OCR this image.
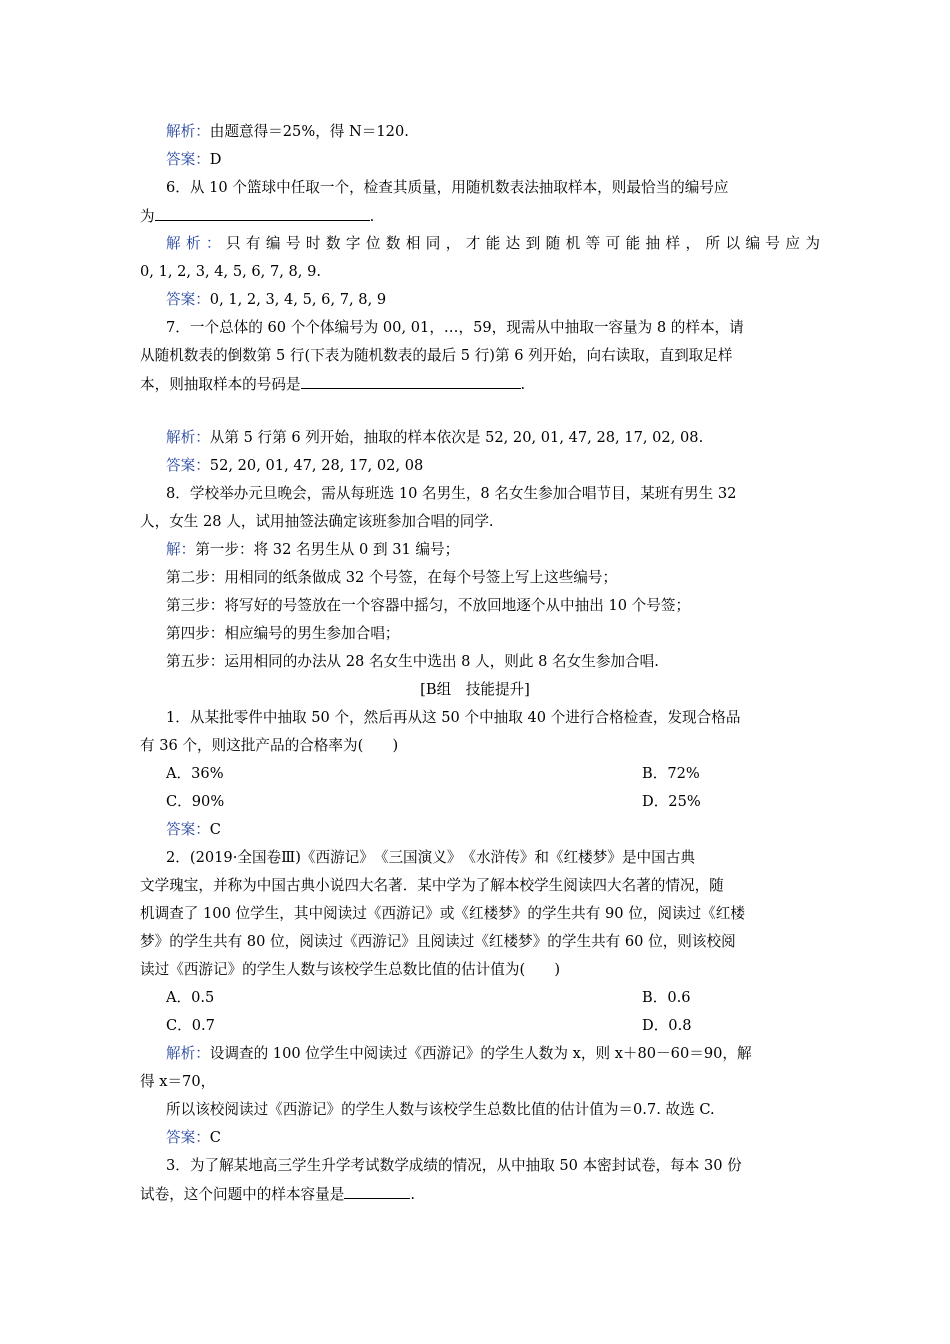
解析：由题意得＝25%，得 N＝120.
答案：D
6．从 10 个篮球中任取一个，检查其质量，用随机数表法抽取样本，则最恰当的编号应
为	.
解析：只有编号时数字位数相同，才能达到随机等可能抽样，所以编号应为
0, 1, 2, 3, 4, 5, 6, 7, 8, 9.
答案：0, 1, 2, 3, 4, 5, 6, 7, 8, 9
7．一个总体的 60 个个体编号为 00, 01，…，59，现需从中抽取一容量为 8 的样本，请
从随机数表的倒数第 5 行(下表为随机数表的最后 5 行)第 6 列开始，向右读取，直到取足样
本，则抽取样本的号码是	.
解析：从第 5 行第 6 列开始，抽取的样本依次是 52, 20, 01, 47, 28, 17, 02, 08.
答案：52, 20, 01, 47, 28, 17, 02, 08
8．学校举办元旦晚会，需从每班选 10 名男生，8 名女生参加合唱节目，某班有男生 32
人，女生 28 人，试用抽签法确定该班参加合唱的同学.
解：第一步：将 32 名男生从 0 到 31 编号；
第二步：用相同的纸条做成 32 个号签，在每个号签上写上这些编号；
第三步：将写好的号签放在一个容器中摇匀，不放回地逐个从中抽出 10 个号签；
第四步：相应编号的男生参加合唱；
第五步：运用相同的办法从 28 名女生中选出 8 人，则此 8 名女生参加合唱.
[B组　技能提升]
1．从某批零件中抽取 50 个，然后再从这 50 个中抽取 40 个进行合格检查，发现合格品
有 36 个，则这批产品的合格率为(　　)
A．36%	B．72%
C．90%	D．25%
答案：C
2．(2019·全国卷Ⅲ)《西游记》　《三国演义》　《水浒传》和《红楼梦》是中国古典
文学瑰宝，并称为中国古典小说四大名著．某中学为了解本校学生阅读四大名著的情况，随
机调查了 100 位学生，其中阅读过《西游记》或《红楼梦》的学生共有 90 位，阅读过《红楼
梦》的学生共有 80 位，阅读过《西游记》且阅读过《红楼梦》的学生共有 60 位，则该校阅
读过《西游记》的学生人数与该校学生总数比值的估计值为(　　)
A．0.5	B．0.6
C．0.7	D．0.8
解析：设调查的 100 位学生中阅读过《西游记》的学生人数为 x，则 x＋80－60＝90，解
得 x＝70，
所以该校阅读过《西游记》的学生人数与该校学生总数比值的估计值为＝0.7. 故选 C.
答案：C
3．为了解某地高三学生升学考试数学成绩的情况，从中抽取 50 本密封试卷，每本 30 份
试卷，这个问题中的样本容量是	.
